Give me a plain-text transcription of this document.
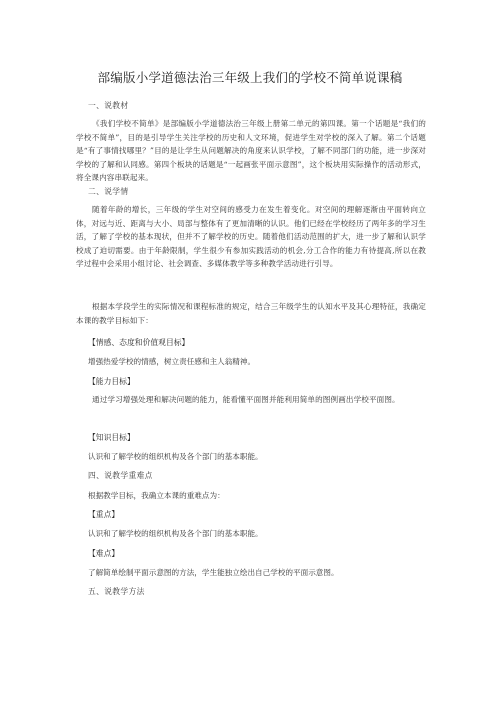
部编版小学道德法治三年级上我们的学校不简单说课稿
一、说教材
《我们学校不简单》是部编版小学道德法治三年级上册第二单元的第四课。第一个话题是“我们的学校不简单”，目的是引导学生关注学校的历史和人文环境，促进学生对学校的深入了解。第二个话题是“有了事情找哪里？”目的是让学生从问题解决的角度来认识学校，了解不同部门的功能，进一步深对学校的了解和认同感。第四个板块的话题是“一起画张平面示意图”，这个板块用实际操作的活动形式，将全课内容串联起来。
二、说学情
随着年龄的增长，三年级的学生对空间的感受力在发生着变化。对空间的理解逐渐由平面转向立体，对远与近、距离与大小、局部与整体有了更加清晰的认识。他们已经在学校经历了两年多的学习生活，了解了学校的基本现状，但并不了解学校的历史。随着他们活动范围的扩大，进一步了解和认识学校成了迫切需要。由于年龄限制，学生很少有参加实践活动的机会,分工合作的能力有待提高,所以在教学过程中会采用小组讨论、社会调查、多媒体教学等多种教学活动进行引导。
根据本学段学生的实际情况和课程标准的规定，结合三年级学生的认知水平及其心理特征，我确定本课的教学目标如下：
【情感、态度和价值观目标】
增强热爱学校的情感，树立责任感和主人翁精神。
【能力目标】
通过学习增强处理和解决问题的能力，能看懂平面图并能利用简单的图例画出学校平面图。
【知识目标】
认识和了解学校的组织机构及各个部门的基本职能。
四、说教学重难点
根据教学目标，我确立本课的重难点为：
【重点】
认识和了解学校的组织机构及各个部门的基本职能。
【难点】
了解简单绘制平面示意图的方法，学生能独立绘出自己学校的平面示意图。
五、说教学方法
